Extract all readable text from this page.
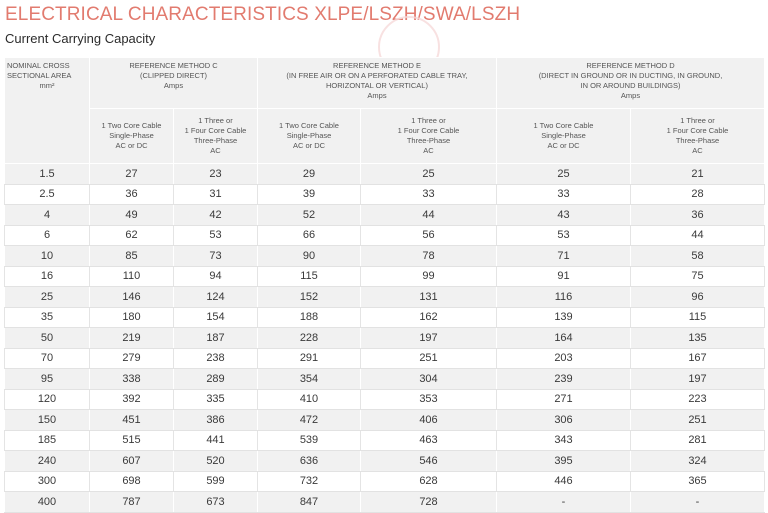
ELECTRICAL CHARACTERISTICS XLPE/LSZH/SWA/LSZH
Current Carrying Capacity
NOMINAL CROSS
SECTIONAL AREA
mm²	REFERENCE METHOD C
(CLIPPED DIRECT)
Amps		REFERENCE METHOD E
(IN FREE AIR OR ON A PERFORATED CABLE TRAY,
HORIZONTAL OR VERTICAL)
Amps		REFERENCE METHOD D
(DIRECT IN GROUND OR IN DUCTING, IN GROUND,
IN OR AROUND BUILDINGS)
Amps	

	1 Two Core Cable
Single-Phase
AC or DC	1 Three or
1 Four Core Cable
Three-Phase
AC	1 Two Core Cable
Single-Phase
AC or DC	1 Three or
1 Four Core Cable
Three-Phase
AC	1 Two Core Cable
Single-Phase
AC or DC	1 Three or
1 Four Core Cable
Three-Phase
AC

1.5	27	23	29	25	25	21
2.5	36	31	39	33	33	28
4	49	42	52	44	43	36
6	62	53	66	56	53	44
10	85	73	90	78	71	58
16	110	94	115	99	91	75
25	146	124	152	131	116	96
35	180	154	188	162	139	115
50	219	187	228	197	164	135
70	279	238	291	251	203	167
95	338	289	354	304	239	197
120	392	335	410	353	271	223
150	451	386	472	406	306	251
185	515	441	539	463	343	281
240	607	520	636	546	395	324
300	698	599	732	628	446	365
400	787	673	847	728	-	-
